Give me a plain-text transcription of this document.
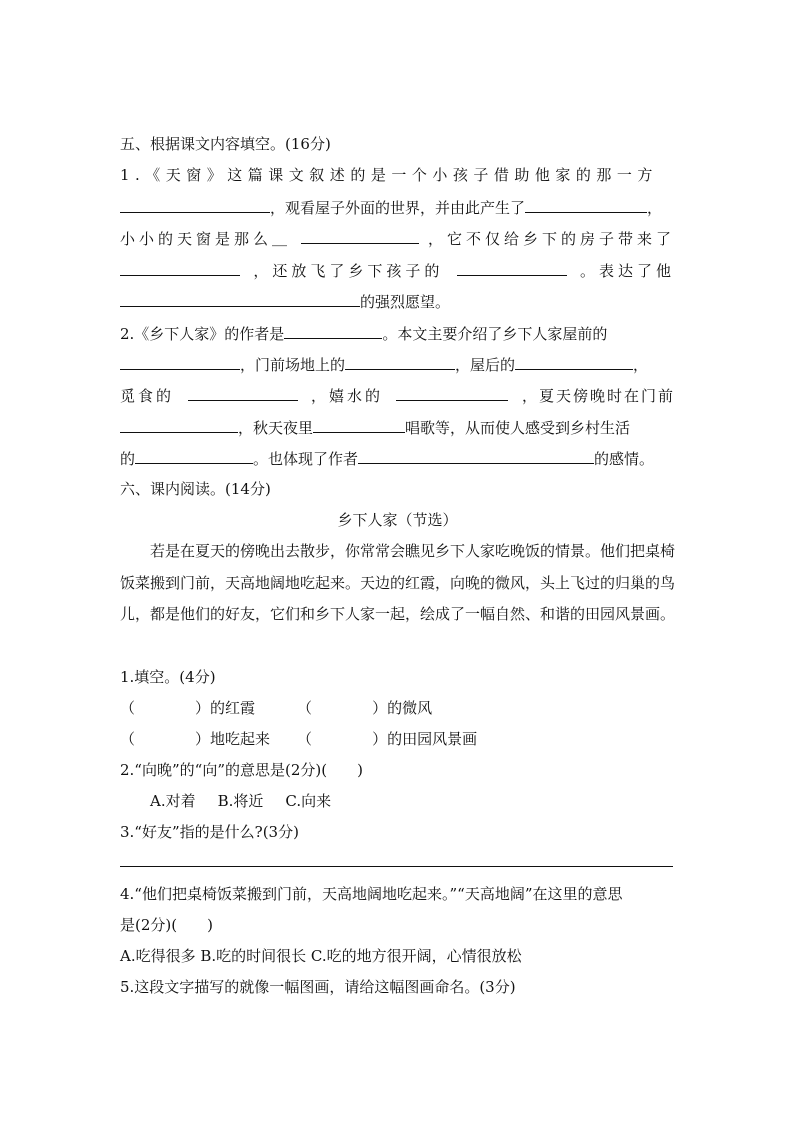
五、根据课文内容填空。(16分)
1.《天窗》这篇课文叙述的是一个小孩子借助他家的那一方
，观看屋子外面的世界，并由此产生了	，
小小的天窗是那么＿	，它不仅给乡下的房子带来了
，还放飞了乡下孩子的	。表达了他
的强烈愿望。
2.《乡下人家》的作者是	。本文主要介绍了乡下人家屋前的
，门前场地上的	，屋后的	，
觅食的	，嬉水的	，夏天傍晚时在门前
，秋天夜里	唱歌等，从而使人感受到乡村生活
的	。也体现了作者	的感情。
六、课内阅读。(14分)
乡下人家（节选）
若是在夏天的傍晚出去散步，你常常会瞧见乡下人家吃晚饭的情景。他们把桌椅饭菜搬到门前，天高地阔地吃起来。天边的红霞，向晚的微风，头上飞过的归巢的鸟儿，都是他们的好友，它们和乡下人家一起，绘成了一幅自然、和谐的田园风景画。
1.填空。(4分)
（	）的红霞	（	）的微风
（	）地吃起来 （	）的田园风景画
2.“向晚”的“向”的意思是(2分)(　　)
A.对着 B.将近 C.向来
3.“好友”指的是什么?(3分)
4.“他们把桌椅饭菜搬到门前，天高地阔地吃起来。”“天高地阔”在这里的意思
是(2分)(　　)
A.吃得很多 B.吃的时间很长 C.吃的地方很开阔，心情很放松
5.这段文字描写的就像一幅图画，请给这幅图画命名。(3分)
